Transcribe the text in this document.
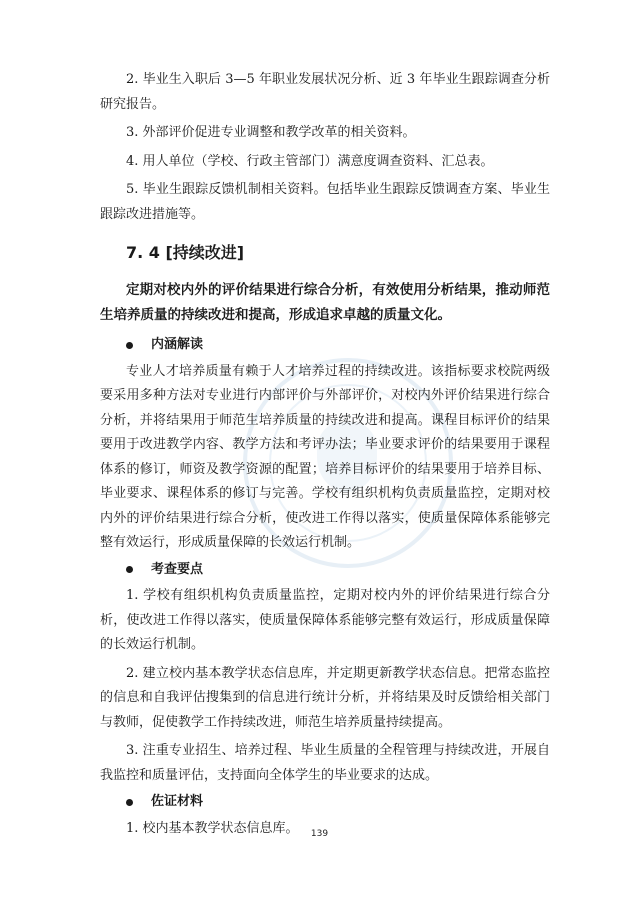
2. 毕业生入职后 3—5 年职业发展状况分析、近 3 年毕业生跟踪调查分析研究报告。

3. 外部评价促进专业调整和教学改革的相关资料。

4. 用人单位（学校、行政主管部门）满意度调查资料、汇总表。

5. 毕业生跟踪反馈机制相关资料。包括毕业生跟踪反馈调查方案、毕业生跟踪改进措施等。

7. 4 [持续改进]

定期对校内外的评价结果进行综合分析，有效使用分析结果，推动师范生培养质量的持续改进和提高，形成追求卓越的质量文化。

内涵解读

专业人才培养质量有赖于人才培养过程的持续改进。该指标要求校院两级要采用多种方法对专业进行内部评价与外部评价，对校内外评价结果进行综合分析，并将结果用于师范生培养质量的持续改进和提高。课程目标评价的结果要用于改进教学内容、教学方法和考评办法；毕业要求评价的结果要用于课程体系的修订，师资及教学资源的配置；培养目标评价的结果要用于培养目标、毕业要求、课程体系的修订与完善。学校有组织机构负责质量监控，定期对校内外的评价结果进行综合分析，使改进工作得以落实，使质量保障体系能够完整有效运行，形成质量保障的长效运行机制。

考查要点

1. 学校有组织机构负责质量监控，定期对校内外的评价结果进行综合分析，使改进工作得以落实，使质量保障体系能够完整有效运行，形成质量保障的长效运行机制。

2. 建立校内基本教学状态信息库，并定期更新教学状态信息。把常态监控的信息和自我评估搜集到的信息进行统计分析，并将结果及时反馈给相关部门与教师，促使教学工作持续改进，师范生培养质量持续提高。

3. 注重专业招生、培养过程、毕业生质量的全程管理与持续改进，开展自我监控和质量评估，支持面向全体学生的毕业要求的达成。

佐证材料

1. 校内基本教学状态信息库。	139
